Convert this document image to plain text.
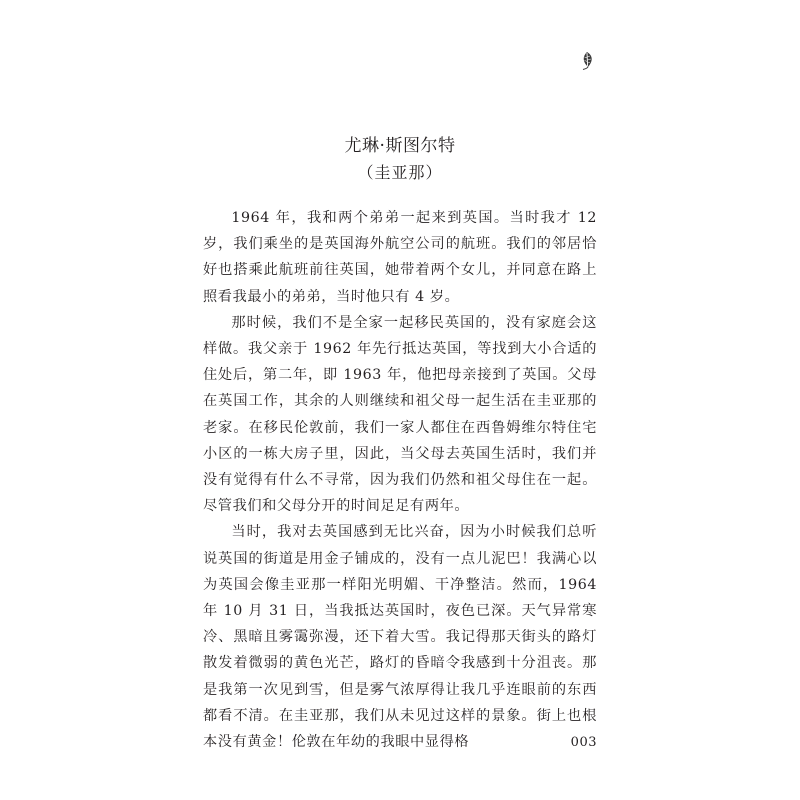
尤琳·斯图尔特
（圭亚那）

1964 年，我和两个弟弟一起来到英国。当时我才 12 岁，我们乘坐的是英国海外航空公司的航班。我们的邻居恰好也搭乘此航班前往英国，她带着两个女儿，并同意在路上照看我最小的弟弟，当时他只有 4 岁。

那时候，我们不是全家一起移民英国的，没有家庭会这样做。我父亲于 1962 年先行抵达英国，等找到大小合适的住处后，第二年，即 1963 年，他把母亲接到了英国。父母在英国工作，其余的人则继续和祖父母一起生活在圭亚那的老家。在移民伦敦前，我们一家人都住在西鲁姆维尔特住宅小区的一栋大房子里，因此，当父母去英国生活时，我们并没有觉得有什么不寻常，因为我们仍然和祖父母住在一起。尽管我们和父母分开的时间足足有两年。

当时，我对去英国感到无比兴奋，因为小时候我们总听说英国的街道是用金子铺成的，没有一点儿泥巴！我满心以为英国会像圭亚那一样阳光明媚、干净整洁。然而，1964 年 10 月 31 日，当我抵达英国时，夜色已深。天气异常寒冷、黑暗且雾霭弥漫，还下着大雪。我记得那天街头的路灯散发着微弱的黄色光芒，路灯的昏暗令我感到十分沮丧。那是我第一次见到雪，但是雾气浓厚得让我几乎连眼前的东西都看不清。在圭亚那，我们从未见过这样的景象。街上也根本没有黄金！伦敦在年幼的我眼中显得格	003
